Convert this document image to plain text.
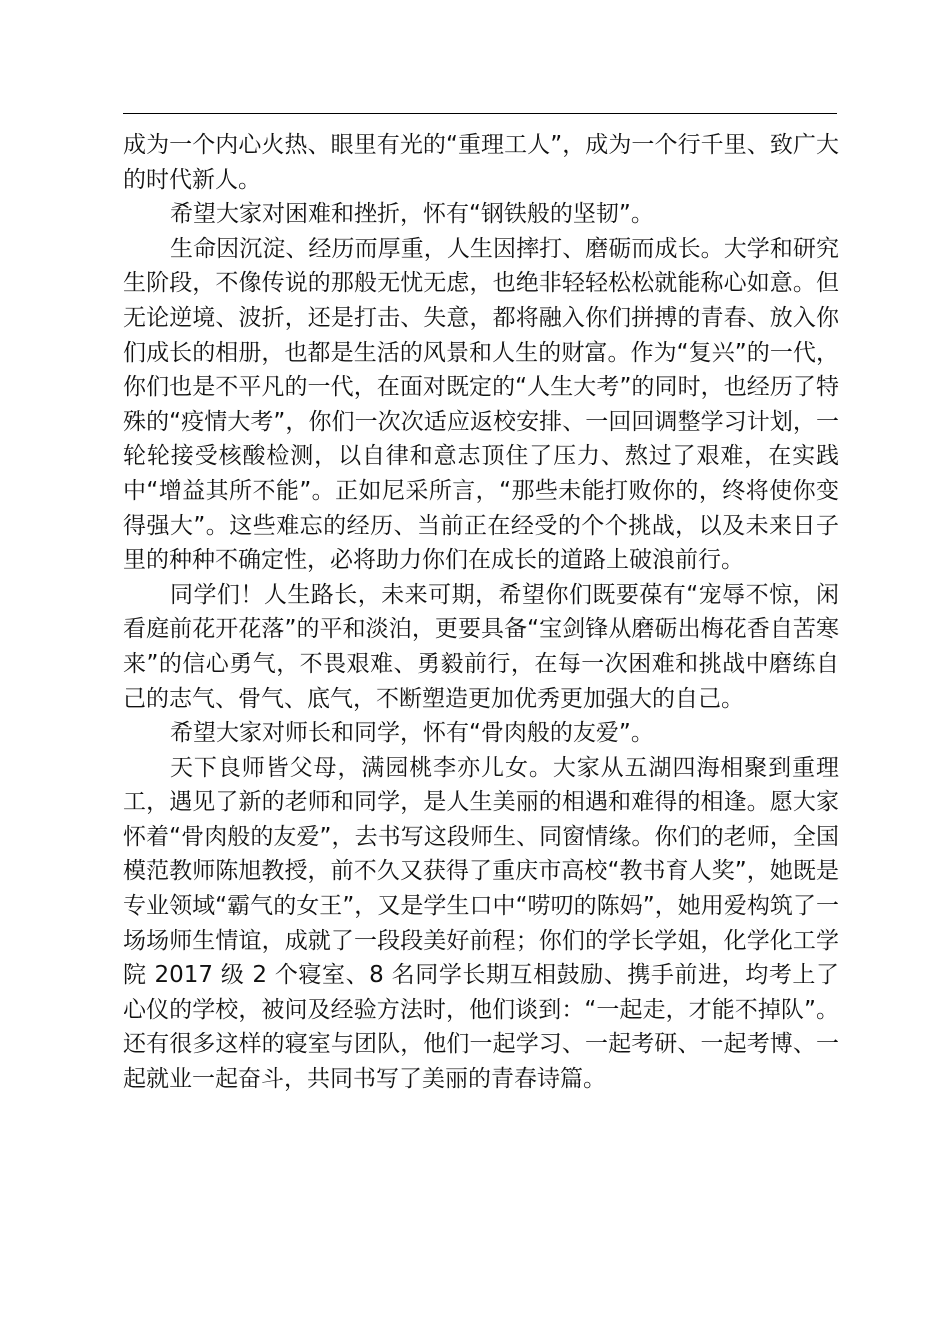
成为一个内心火热、眼里有光的“重理工人”，成为一个行千里、致广大的时代新人。

希望大家对困难和挫折，怀有“钢铁般的坚韧”。

生命因沉淀、经历而厚重，人生因摔打、磨砺而成长。大学和研究生阶段，不像传说的那般无忧无虑，也绝非轻轻松松就能称心如意。但无论逆境、波折，还是打击、失意，都将融入你们拼搏的青春、放入你们成长的相册，也都是生活的风景和人生的财富。作为“复兴”的一代，你们也是不平凡的一代，在面对既定的“人生大考”的同时，也经历了特殊的“疫情大考”，你们一次次适应返校安排、一回回调整学习计划，一轮轮接受核酸检测，以自律和意志顶住了压力、熬过了艰难，在实践中“增益其所不能”。正如尼采所言，“那些未能打败你的，终将使你变得强大”。这些难忘的经历、当前正在经受的个个挑战，以及未来日子里的种种不确定性，必将助力你们在成长的道路上破浪前行。

同学们！人生路长，未来可期，希望你们既要葆有“宠辱不惊，闲看庭前花开花落”的平和淡泊，更要具备“宝剑锋从磨砺出梅花香自苦寒来”的信心勇气，不畏艰难、勇毅前行，在每一次困难和挑战中磨练自己的志气、骨气、底气，不断塑造更加优秀更加强大的自己。

希望大家对师长和同学，怀有“骨肉般的友爱”。

天下良师皆父母，满园桃李亦儿女。大家从五湖四海相聚到重理工，遇见了新的老师和同学，是人生美丽的相遇和难得的相逢。愿大家怀着“骨肉般的友爱”，去书写这段师生、同窗情缘。你们的老师，全国模范教师陈旭教授，前不久又获得了重庆市高校“教书育人奖”，她既是专业领域“霸气的女王”，又是学生口中“唠叨的陈妈”，她用爱构筑了一场场师生情谊，成就了一段段美好前程；你们的学长学姐，化学化工学院 2017 级 2 个寝室、8 名同学长期互相鼓励、携手前进，均考上了心仪的学校，被问及经验方法时，他们谈到：“一起走，才能不掉队”。还有很多这样的寝室与团队，他们一起学习、一起考研、一起考博、一起就业一起奋斗，共同书写了美丽的青春诗篇。
